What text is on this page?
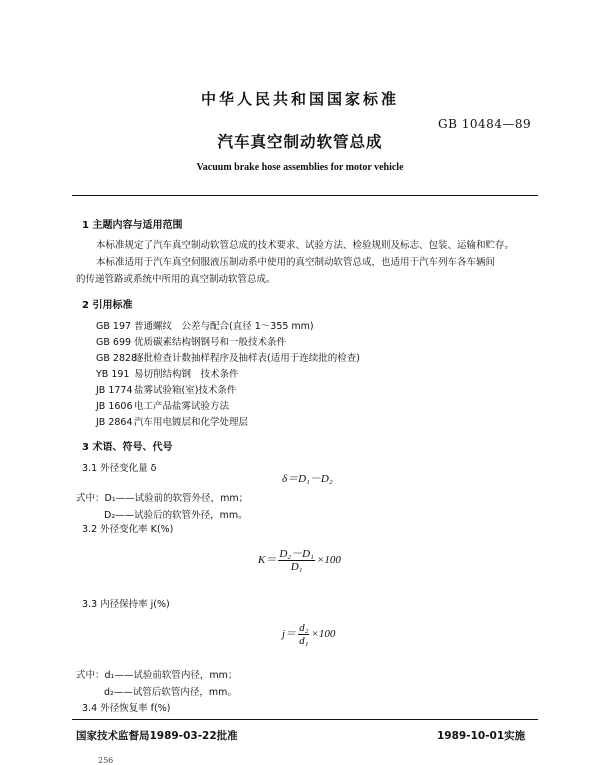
中华人民共和国国家标准
GB 10484—89
汽车真空制动软管总成
Vacuum brake hose assemblies for motor vehicle
1 主题内容与适用范围
本标准规定了汽车真空制动软管总成的技术要求、试验方法、检验规则及标志、包装、运输和贮存。
本标准适用于汽车真空伺服液压制动系中使用的真空制动软管总成，也适用于汽车列车各车辆间
的传递管路或系统中所用的真空制动软管总成。
2 引用标准
GB 197 普通螺纹　公差与配合(直径 1～355 mm)
GB 699 优质碳素结构钢钢号和一般技术条件
GB 2828逐批检查计数抽样程序及抽样表(适用于连续批的检查)
YB 191 易切削结构钢　技术条件
JB 1774盐雾试验箱(室)技术条件
JB 1606电工产品盐雾试验方法
JB 2864汽车用电镀层和化学处理层
3 术语、符号、代号
3.1 外径变化量 δ
δ＝D₁－D₂
式中：D₁——试验前的软管外径，mm；
D₂——试验后的软管外径，mm。
3.2 外径变化率 K(%)
$K= \frac{\text{D₂－D₁}}{\text{D₁}} \times 100$
3.3 内径保持率 j(%)
$j= \frac{\text{d₂}}{\text{d₁}} \times 100$
式中：d₁——试验前软管内径，mm；
d₂——试管后软管内径，mm。
3.4 外径恢复率 f(%)
国家技术监督局1989-03-22批准	1989-10-01实施
256
